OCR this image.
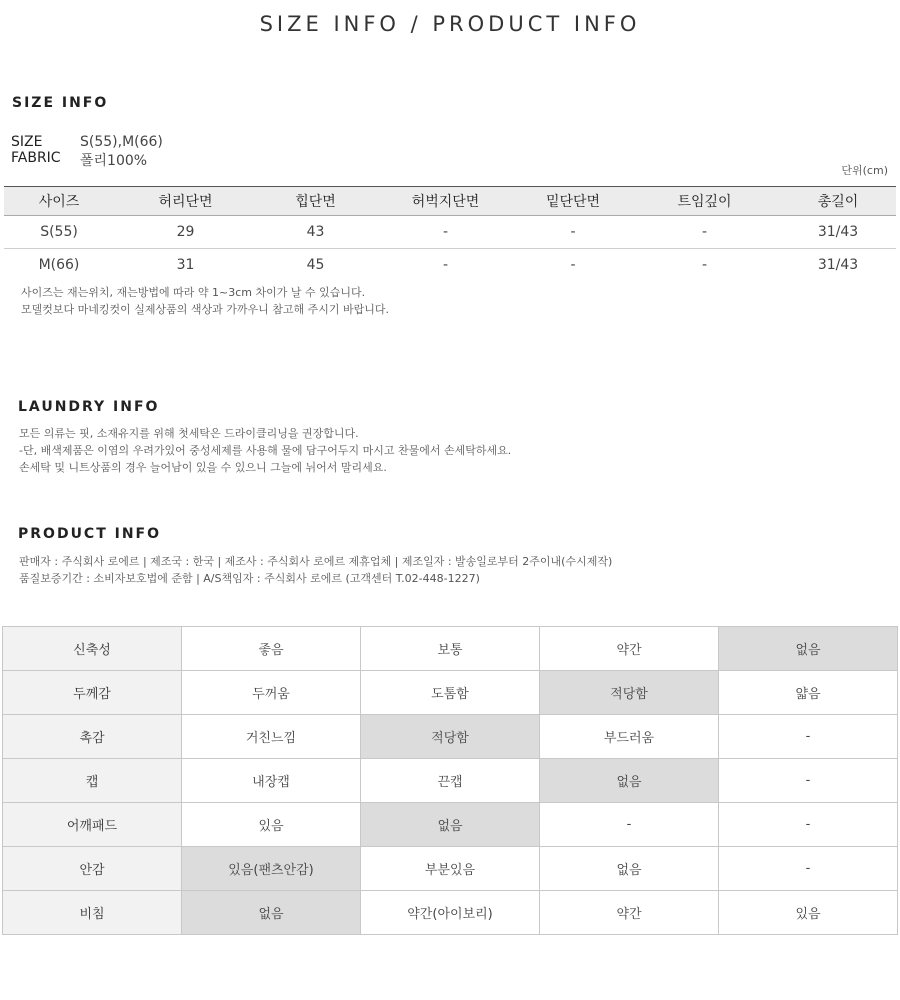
SIZE INFO / PRODUCT INFO
SIZE INFO
SIZE	S(55),M(66)
FABRIC 폴리100%
단위(cm)
사이즈	허리단면	힙단면	허벅지단면	밑단단면	트임깊이	총길이
S(55)	29	43	-	-	-	31/43
M(66)	31	45	-	-	-	31/43
사이즈는 재는위치, 재는방법에 따라 약 1~3cm 차이가 날 수 있습니다.
모델컷보다 마네킹컷이 실제상품의 색상과 가까우니 참고해 주시기 바랍니다.
LAUNDRY INFO
모든 의류는 핏, 소재유지를 위해 첫세탁은 드라이클리닝을 권장합니다.
-단, 배색제품은 이염의 우려가있어 중성세제를 사용해 물에 담구어두지 마시고 찬물에서 손세탁하세요.
손세탁 및 니트상품의 경우 늘어남이 있을 수 있으니 그늘에 뉘어서 말리세요.
PRODUCT INFO
판매자 : 주식회사 로에르 | 제조국 : 한국 | 제조사 : 주식회사 로에르 제휴업체 | 제조일자 : 발송일로부터 2주이내(수시제작)
품질보증기간 : 소비자보호법에 준함 | A/S책임자 : 주식회사 로에르 (고객센터 T.02-448-1227)
신축성	좋음	보통	약간	없음
두께감	두꺼움	도톰함	적당함	얇음
촉감	거친느낌	적당함	부드러움	-
캡	내장캡	끈캡	없음	-
어깨패드	있음	없음	-	-
안감	있음(팬츠안감)	부분있음	없음	-
비침	없음	약간(아이보리)	약간	있음
